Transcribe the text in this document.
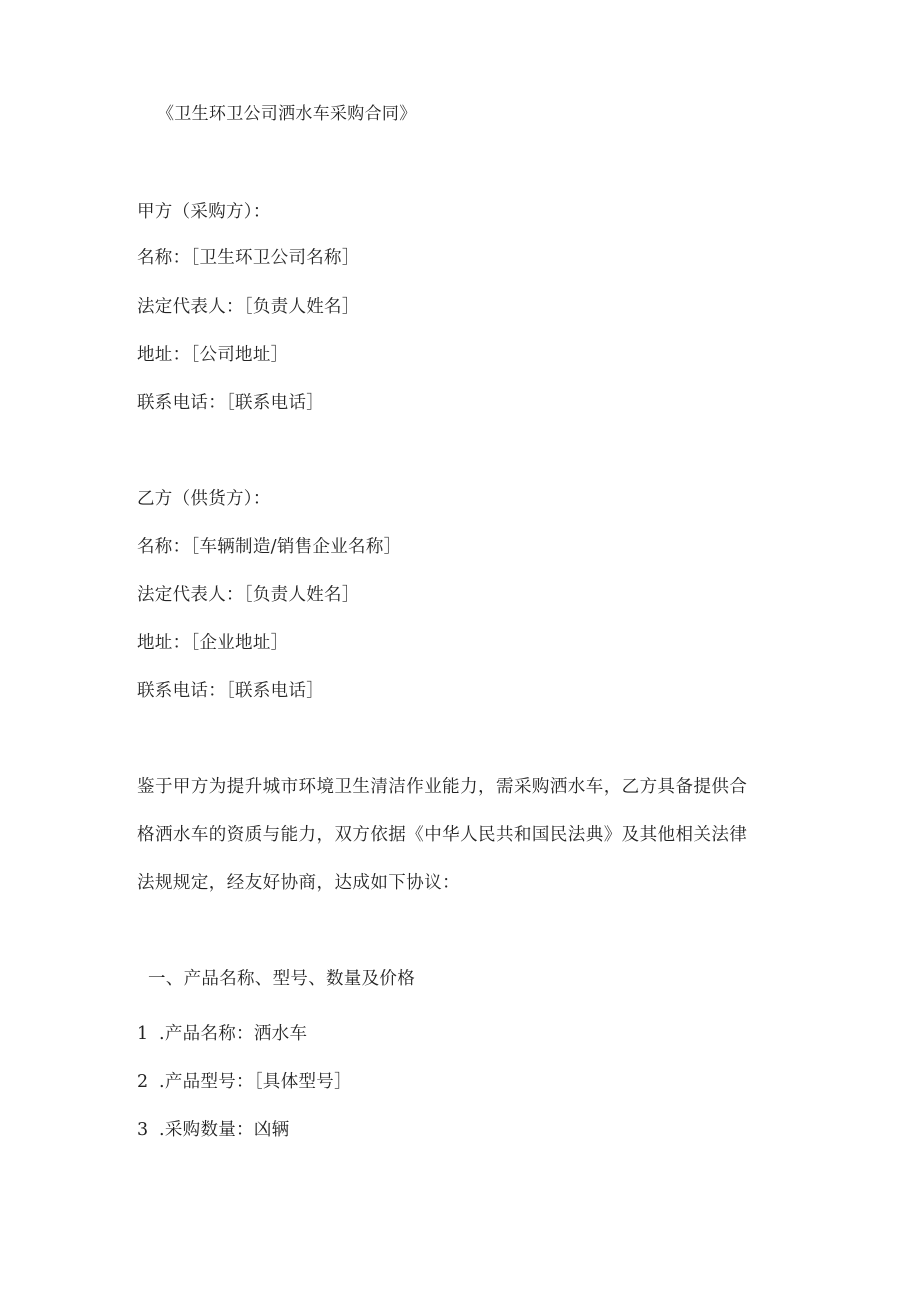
《卫生环卫公司洒水车采购合同》
甲方（采购方）：
名称：［卫生环卫公司名称］
法定代表人：［负责人姓名］
地址：［公司地址］
联系电话：［联系电话］
乙方（供货方）：
名称：［车辆制造/销售企业名称］
法定代表人：［负责人姓名］
地址：［企业地址］
联系电话：［联系电话］
鉴于甲方为提升城市环境卫生清洁作业能力，需采购洒水车，乙方具备提供合
格洒水车的资质与能力，双方依据《中华人民共和国民法典》及其他相关法律
法规规定，经友好协商，达成如下协议：
一、产品名称、型号、数量及价格
1 .产品名称：洒水车
2 .产品型号：［具体型号］
3 .采购数量：凶辆
